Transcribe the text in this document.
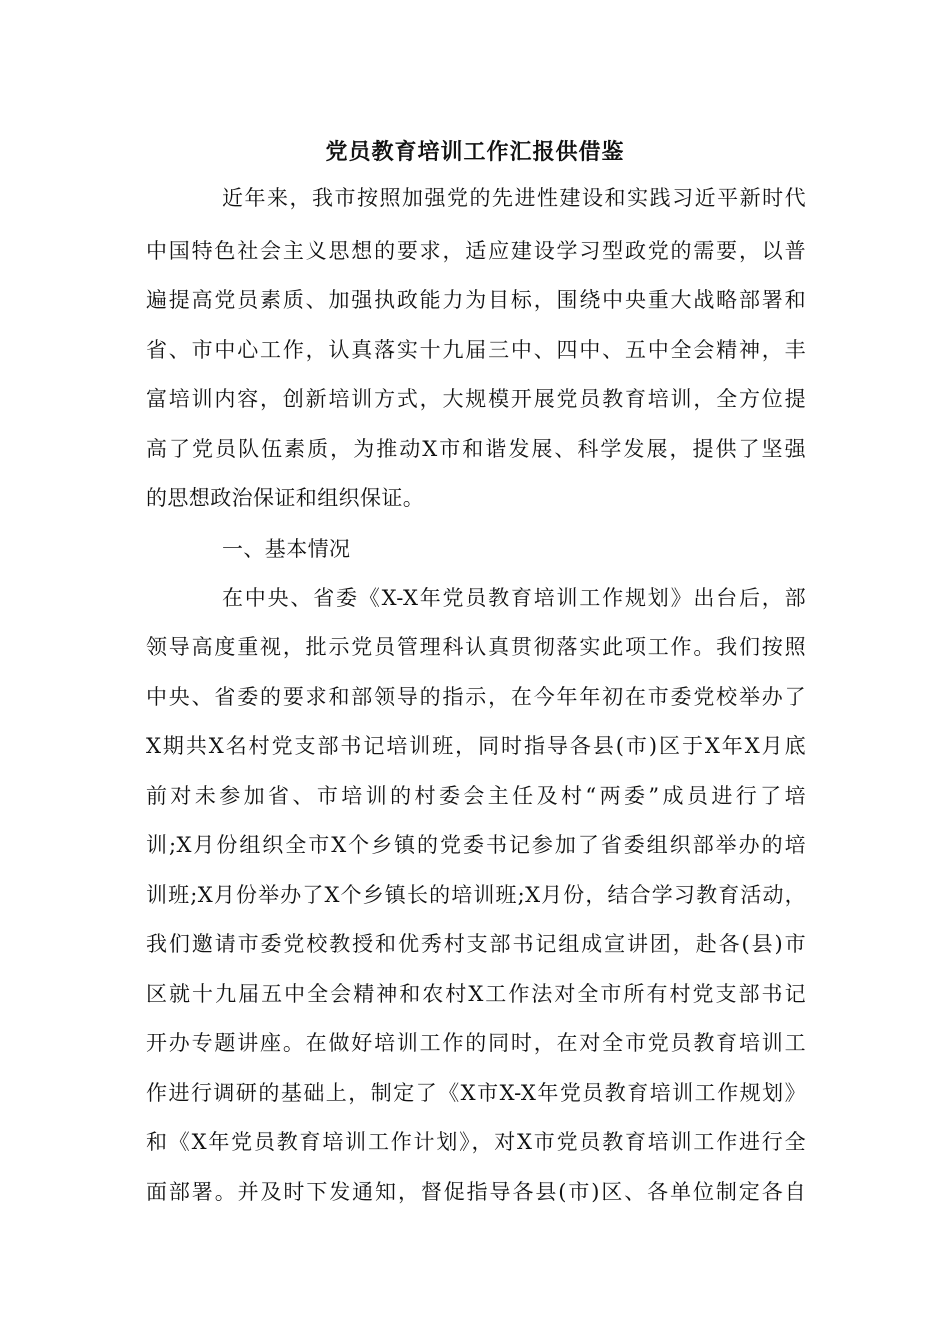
党员教育培训工作汇报供借鉴
近年来，我市按照加强党的先进性建设和实践习近平新时代
中国特色社会主义思想的要求，适应建设学习型政党的需要，以普
遍提高党员素质、加强执政能力为目标，围绕中央重大战略部署和
省、市中心工作，认真落实十九届三中、四中、五中全会精神，丰
富培训内容，创新培训方式，大规模开展党员教育培训，全方位提
高了党员队伍素质，为推动X市和谐发展、科学发展，提供了坚强
的思想政治保证和组织保证。
一、基本情况
在中央、省委《X-X年党员教育培训工作规划》出台后，部
领导高度重视，批示党员管理科认真贯彻落实此项工作。我们按照
中央、省委的要求和部领导的指示，在今年年初在市委党校举办了
X期共X名村党支部书记培训班，同时指导各县(市)区于X年X月底
前对未参加省、市培训的村委会主任及村“两委”成员进行了培
训;X月份组织全市X个乡镇的党委书记参加了省委组织部举办的培
训班;X月份举办了X个乡镇长的培训班;X月份，结合学习教育活动，
我们邀请市委党校教授和优秀村支部书记组成宣讲团，赴各(县)市
区就十九届五中全会精神和农村X工作法对全市所有村党支部书记
开办专题讲座。在做好培训工作的同时，在对全市党员教育培训工
作进行调研的基础上，制定了《X市X-X年党员教育培训工作规划》
和《X年党员教育培训工作计划》，对X市党员教育培训工作进行全
面部署。并及时下发通知，督促指导各县(市)区、各单位制定各自
